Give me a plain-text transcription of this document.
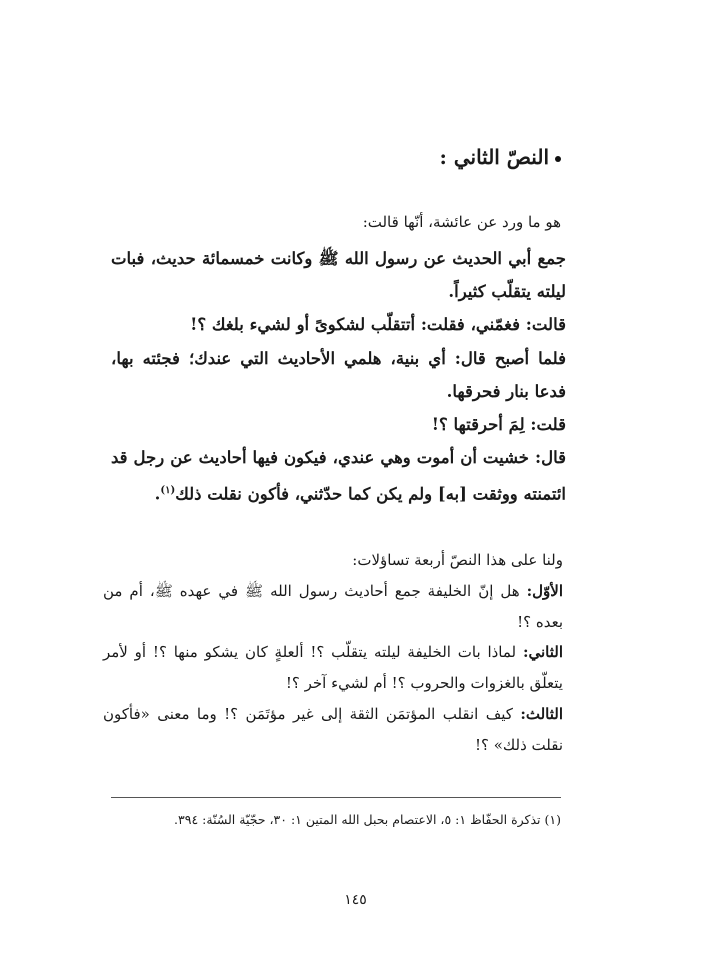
النصّ الثاني :
هو ما ورد عن عائشة، أنّها قالت:

جمع أبي الحديث عن رسول الله ﷺ وكانت خمسمائة حديث، فبات ليلته يتقلّب كثيراً.

قالت: فغمّني، فقلت: أتتقلّب لشكوىً أو لشيء بلغك ؟!

فلما أصبح قال: أي بنية، هلمي الأحاديث التي عندك؛ فجئته بها، فدعا بنار فحرقها.

قلت: لِمَ أحرقتها ؟!

قال: خشيت أن أموت وهي عندي، فيكون فيها أحاديث عن رجل قد ائتمنته ووثقت [به] ولم يكن كما حدّثني، فأكون نقلت ذلك$^{(١)}$.

ولنا على هذا النصّ أربعة تساؤلات:

الأوّل: هل إنّ الخليفة جمع أحاديث رسول الله ﷺ في عهده ﷺ، أم من بعده ؟!

الثاني: لماذا بات الخليفة ليلته يتقلّب ؟! ألعلةٍ كان يشكو منها ؟! أو لأمر يتعلّق بالغزوات والحروب ؟! أم لشيء آخر ؟!

الثالث: كيف انقلب المؤتمَن الثقة إلى غير مؤتَمَن ؟! وما معنى «فأكون نقلت ذلك» ؟!

(١) تذكرة الحفّاظ ١: ٥، الاعتصام بحبل الله المتين ١: ٣٠، حجّيّة السُنّة: ٣٩٤.
١٤٥
